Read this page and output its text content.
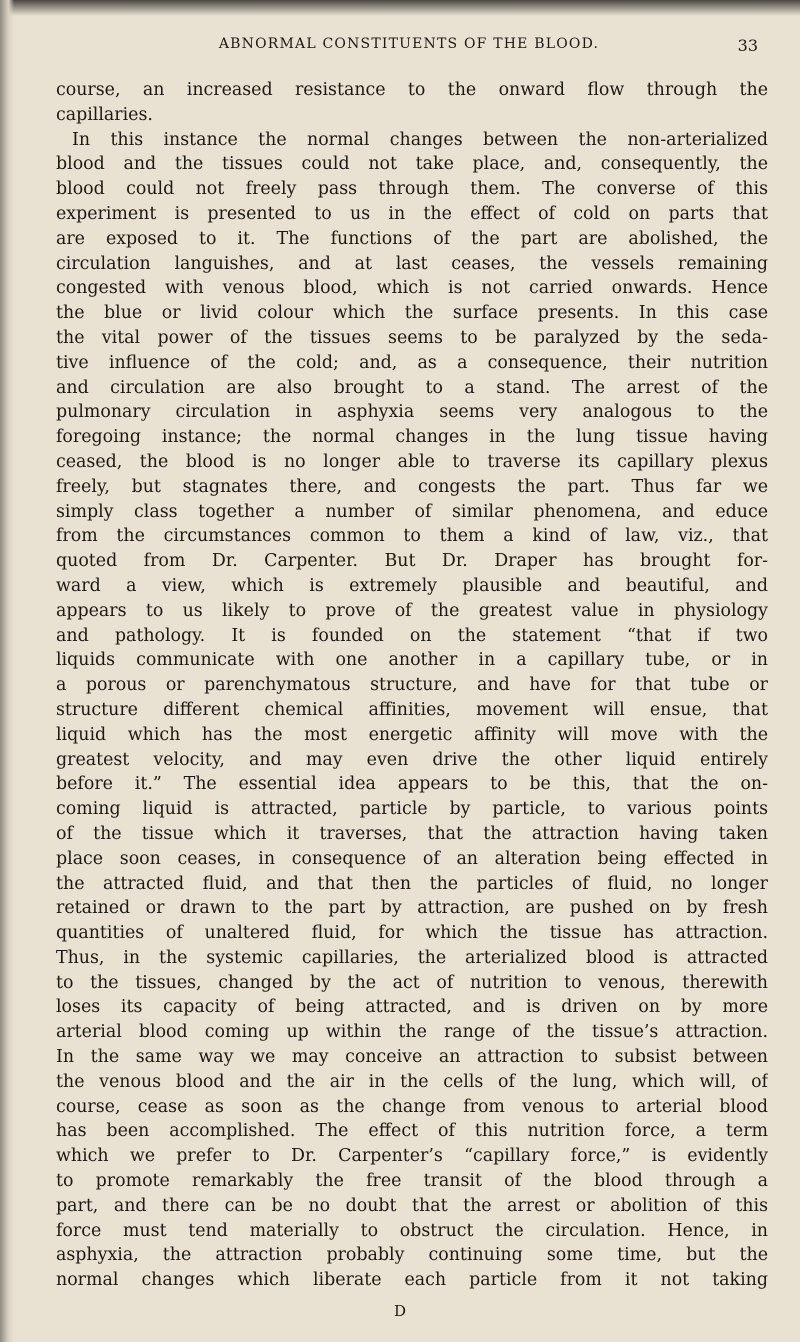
ABNORMAL CONSTITUENTS OF THE BLOOD.	33
course, an increased resistance to the onward flow through the
capillaries.
In this instance the normal changes between the non-arterialized
blood and the tissues could not take place, and, consequently, the
blood could not freely pass through them. The converse of this
experiment is presented to us in the effect of cold on parts that
are exposed to it. The functions of the part are abolished, the
circulation languishes, and at last ceases, the vessels remaining
congested with venous blood, which is not carried onwards. Hence
the blue or livid colour which the surface presents. In this case
the vital power of the tissues seems to be paralyzed by the seda-
tive influence of the cold; and, as a consequence, their nutrition
and circulation are also brought to a stand. The arrest of the
pulmonary circulation in asphyxia seems very analogous to the
foregoing instance; the normal changes in the lung tissue having
ceased, the blood is no longer able to traverse its capillary plexus
freely, but stagnates there, and congests the part. Thus far we
simply class together a number of similar phenomena, and educe
from the circumstances common to them a kind of law, viz., that
quoted from Dr. Carpenter. But Dr. Draper has brought for-
ward a view, which is extremely plausible and beautiful, and
appears to us likely to prove of the greatest value in physiology
and pathology. It is founded on the statement “that if two
liquids communicate with one another in a capillary tube, or in
a porous or parenchymatous structure, and have for that tube or
structure different chemical affinities, movement will ensue, that
liquid which has the most energetic affinity will move with the
greatest velocity, and may even drive the other liquid entirely
before it.” The essential idea appears to be this, that the on-
coming liquid is attracted, particle by particle, to various points
of the tissue which it traverses, that the attraction having taken
place soon ceases, in consequence of an alteration being effected in
the attracted fluid, and that then the particles of fluid, no longer
retained or drawn to the part by attraction, are pushed on by fresh
quantities of unaltered fluid, for which the tissue has attraction.
Thus, in the systemic capillaries, the arterialized blood is attracted
to the tissues, changed by the act of nutrition to venous, therewith
loses its capacity of being attracted, and is driven on by more
arterial blood coming up within the range of the tissue’s attraction.
In the same way we may conceive an attraction to subsist between
the venous blood and the air in the cells of the lung, which will, of
course, cease as soon as the change from venous to arterial blood
has been accomplished. The effect of this nutrition force, a term
which we prefer to Dr. Carpenter’s “capillary force,” is evidently
to promote remarkably the free transit of the blood through a
part, and there can be no doubt that the arrest or abolition of this
force must tend materially to obstruct the circulation. Hence, in
asphyxia, the attraction probably continuing some time, but the
normal changes which liberate each particle from it not taking
D
